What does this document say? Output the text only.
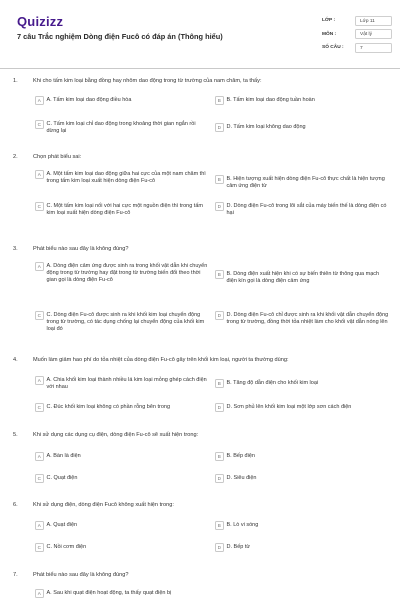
Quizizz
7 câu Trắc nghiệm Dòng điện Fucô có đáp án (Thông hiểu)
LỚP :	Lớp 11
MÔN :	Vật lý
SỐ CÂU :	7
1.	Khi cho tấm kim loại bằng đồng hay nhôm dao động trong từ trường của nam châm, ta thấy:
A	A. Tấm kim loại dao động điều hòa	B	B. Tấm kim loại dao động tuần hoàn
C	C. Tấm kim loại chỉ dao động trong khoảng thời gian ngắn rồi dừng lại
D	D. Tấm kim loại không dao động
2.	Chọn phát biểu sai:
A	A. Một tấm kim loại dao động giữa hai cực của một nam châm thì trong tấm kim loại xuất hiện dòng điện Fu-cô	B	B. Hiện tượng xuất hiện dòng điện Fu-cô thực chất là hiện tượng cảm ứng điện từ
C	C. Một tấm kim loại nối với hai cực một nguồn điện thì trong tấm kim loại xuất hiện dòng điện Fu-cô
D	D. Dòng điện Fu-cô trong lõi sắt của máy biến thế là dòng điện có hại
3.	Phát biểu nào sau đây là không đúng?
A	A. Dòng điện cảm ứng được sinh ra trong khối vật dẫn khi chuyển động trong từ trường hay đặt trong từ trường biến đổi theo thời gian gọi là dòng điện Fu-cô
B	B. Dòng điện xuất hiện khi có sự biến thiên từ thông qua mạch điện kín gọi là dòng điện cảm ứng
C	C. Dòng điện Fu-cô được sinh ra khi khối kim loại chuyển động trong từ trường, có tác dụng chống lại chuyển động của khối kim loại đó
D	D. Dòng điện Fu-cô chỉ được sinh ra khi khối vật dẫn chuyển động trong từ trường, đồng thời tỏa nhiệt làm cho khối vật dẫn nóng lên
4.	Muốn làm giảm hao phí do tỏa nhiệt của dòng điện Fu-cô gây trên khối kim loại, người ta thường dùng:
A	A. Chia khối kim loại thành nhiều lá kim loại mỏng ghép cách điện với nhau
B	B. Tăng độ dẫn điện cho khối kim loại
C	C. Đúc khối kim loại không có phần rỗng bên trong	D	D. Sơn phủ lên khối kim loại một lớp sơn cách điện
5.	Khi sử dụng các dụng cụ điện, dòng điện Fu-cô sẽ xuất hiện trong:
A	A. Bàn là điện	B	B. Bếp điện
C	C. Quạt điện	D	D. Siêu điện
6.	Khi sử dụng điện, dòng điện Fucô không xuất hiện trong:
A	A. Quạt điện	B	B. Lò vi sóng
C	C. Nồi cơm điện	D	D. Bếp từ
7.	Phát biểu nào sau đây là không đúng?
A	A. Sau khi quạt điện hoạt động, ta thấy quạt điện bị
